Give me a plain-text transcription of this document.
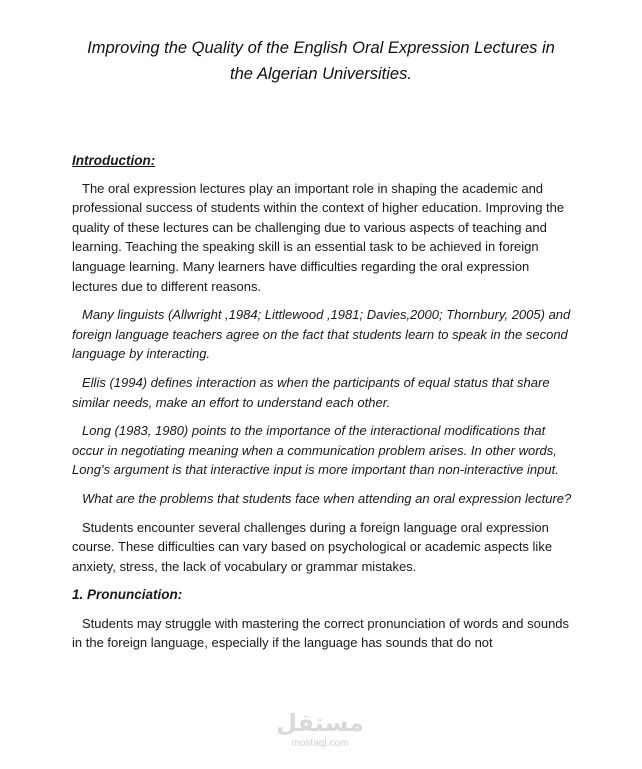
Improving the Quality of the English Oral Expression Lectures in
the Algerian Universities.

Introduction:

The oral expression lectures play an important role in shaping the academic and professional success of students within the context of higher education. Improving the quality of these lectures can be challenging due to various aspects of teaching and learning. Teaching the speaking skill is an essential task to be achieved in foreign language learning. Many learners have difficulties regarding the oral expression lectures due to different reasons.

Many linguists (Allwright ,1984; Littlewood ,1981; Davies,2000; Thornbury, 2005) and foreign language teachers agree on the fact that students learn to speak in the second language by interacting.

Ellis (1994) defines interaction as when the participants of equal status that share similar needs, make an effort to understand each other.

Long (1983, 1980) points to the importance of the interactional modifications that occur in negotiating meaning when a communication problem arises. In other words, Long’s argument is that interactive input is more important than non-interactive input.

What are the problems that students face when attending an oral expression lecture?

Students encounter several challenges during a foreign language oral expression course. These difficulties can vary based on psychological or academic aspects like anxiety, stress, the lack of vocabulary or grammar mistakes.

1. Pronunciation:

Students may struggle with mastering the correct pronunciation of words and sounds in the foreign language, especially if the language has sounds that do not

مستقل
mostaql.com
